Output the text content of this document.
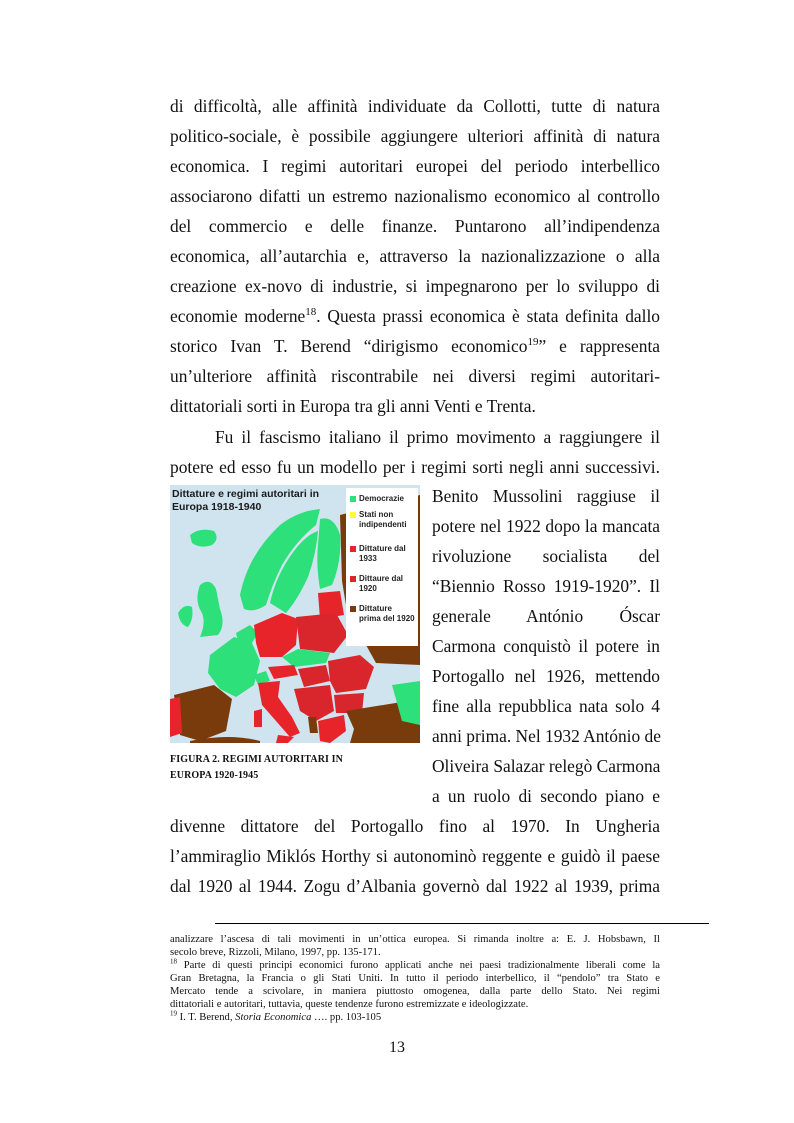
di difficoltà, alle affinità individuate da Collotti, tutte di natura
politico-sociale, è possibile aggiungere ulteriori affinità di natura
economica. I regimi autoritari europei del periodo interbellico
associarono difatti un estremo nazionalismo economico al controllo
del commercio e delle finanze. Puntarono all’indipendenza
economica, all’autarchia e, attraverso la nazionalizzazione o alla
creazione ex-novo di industrie, si impegnarono per lo sviluppo di
economie moderne$^{18}$. Questa prassi economica è stata definita dallo
storico Ivan T. Berend “dirigismo economico$^{19}$” e rappresenta
un’ulteriore affinità riscontrabile nei diversi regimi autoritari-
dittatoriali sorti in Europa tra gli anni Venti e Trenta.
Fu il fascismo italiano il primo movimento a raggiungere il
potere ed esso fu un modello per i regimi sorti negli anni successivi.
Dittature e regimi autoritari in Europa 1918-1940
Democrazie
Stati non indipendenti
Dittature dal 1933
Dittaure dal 1920
Dittature prima del 1920
FIGURA 2. REGIMI AUTORITARI IN EUROPA 1920-1945
Benito Mussolini raggiuse il
potere nel 1922 dopo la mancata
rivoluzione socialista del
“Biennio Rosso 1919-1920”. Il
generale António Óscar
Carmona conquistò il potere in
Portogallo nel 1926, mettendo
fine alla repubblica nata solo 4
anni prima. Nel 1932 António de
Oliveira Salazar relegò Carmona
a un ruolo di secondo piano e
divenne dittatore del Portogallo fino al 1970. In Ungheria
l’ammiraglio Miklós Horthy si autonominò reggente e guidò il paese
dal 1920 al 1944. Zogu d’Albania governò dal 1922 al 1939, prima
analizzare l’ascesa di tali movimenti in un’ottica europea. Si rimanda inoltre a: E. J. Hobsbawn, Il
secolo breve, Rizzoli, Milano, 1997, pp. 135-171.
$^{18}$ Parte di questi principi economici furono applicati anche nei paesi tradizionalmente liberali come la
Gran Bretagna, la Francia o gli Stati Uniti. In tutto il periodo interbellico, il “pendolo” tra Stato e
Mercato tende a scivolare, in maniera piuttosto omogenea, dalla parte dello Stato. Nei regimi
dittatoriali e autoritari, tuttavia, queste tendenze furono estremizzate e ideologizzate.
$^{19}$ I. T. Berend, Storia Economica …. pp. 103-105
13
